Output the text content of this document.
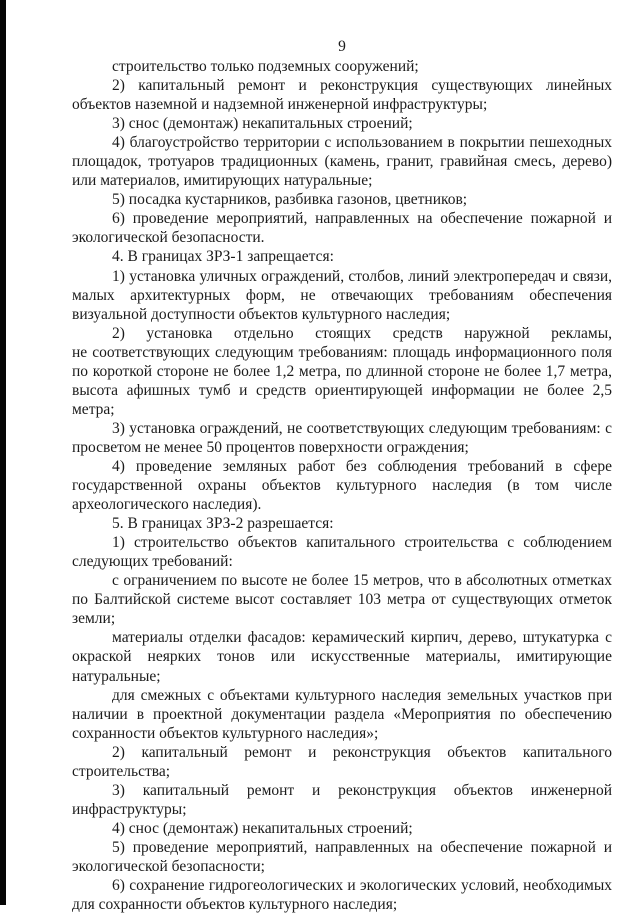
9

строительство только подземных сооружений;

2) капитальный ремонт и реконструкция существующих линейных объектов наземной и надземной инженерной инфраструктуры;

3) снос (демонтаж) некапитальных строений;

4) благоустройство территории с использованием в покрытии пешеходных площадок, тротуаров традиционных (камень, гранит, гравийная смесь, дерево) или материалов, имитирующих натуральные;

5) посадка кустарников, разбивка газонов, цветников;

6) проведение мероприятий, направленных на обеспечение пожарной и экологической безопасности.

4. В границах ЗРЗ-1 запрещается:

1) установка уличных ограждений, столбов, линий электропередач и связи, малых архитектурных форм, не отвечающих требованиям обеспечения визуальной доступности объектов культурного наследия;

2) установка отдельно стоящих средств наружной рекламы, не соответствующих следующим требованиям: площадь информационного поля по короткой стороне не более 1,2 метра, по длинной стороне не более 1,7 метра, высота афишных тумб и средств ориентирующей информации не более 2,5 метра;

3) установка ограждений, не соответствующих следующим требованиям: с просветом не менее 50 процентов поверхности ограждения;

4) проведение земляных работ без соблюдения требований в сфере государственной охраны объектов культурного наследия (в том числе археологического наследия).

5. В границах ЗРЗ-2 разрешается:

1) строительство объектов капитального строительства с соблюдением следующих требований:

с ограничением по высоте не более 15 метров, что в абсолютных отметках по Балтийской системе высот составляет 103 метра от существующих отметок земли;

материалы отделки фасадов: керамический кирпич, дерево, штукатурка с окраской неярких тонов или искусственные материалы, имитирующие натуральные;

для смежных с объектами культурного наследия земельных участков при наличии в проектной документации раздела «Мероприятия по обеспечению сохранности объектов культурного наследия»;

2) капитальный ремонт и реконструкция объектов капитального строительства;

3) капитальный ремонт и реконструкция объектов инженерной инфраструктуры;

4) снос (демонтаж) некапитальных строений;

5) проведение мероприятий, направленных на обеспечение пожарной и экологической безопасности;

6) сохранение гидрогеологических и экологических условий, необходимых для сохранности объектов культурного наследия;
